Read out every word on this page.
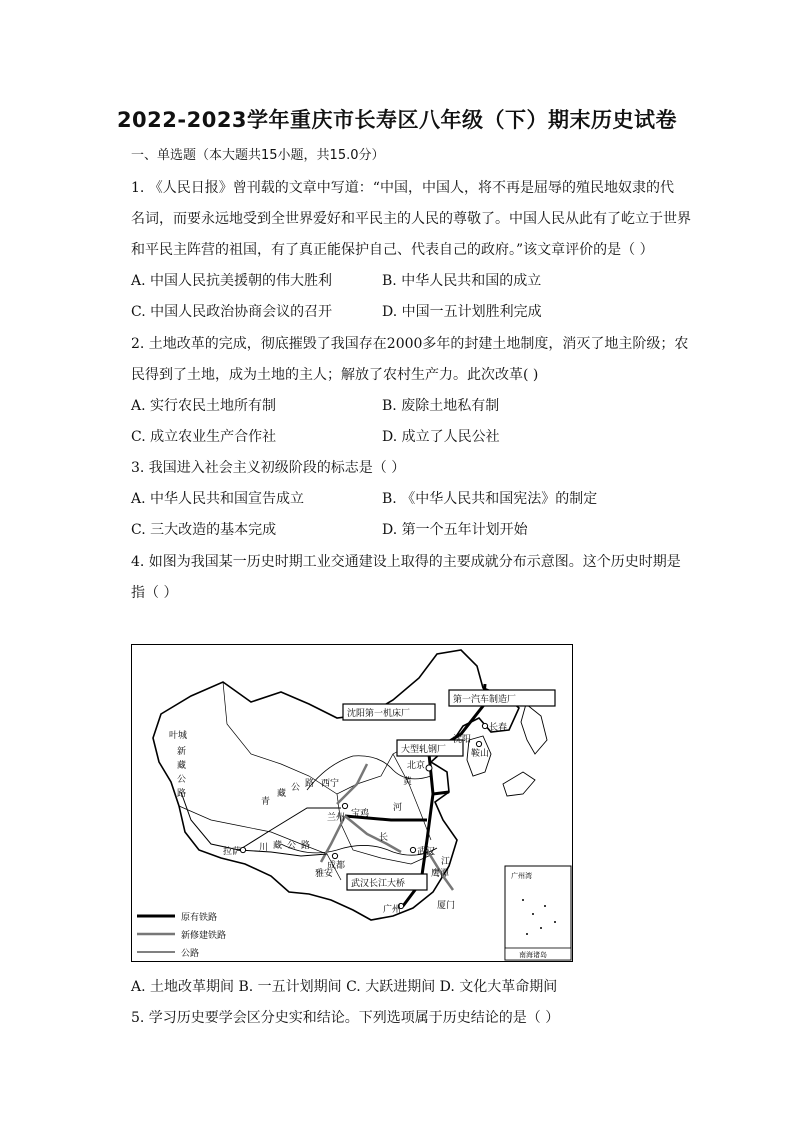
2022-2023学年重庆市长寿区八年级（下）期末历史试卷
一、单选题（本大题共15小题，共15.0分）
1. 《人民日报》曾刊载的文章中写道：“中国，中国人，将不再是屈辱的殖民地奴隶的代
名词，而要永远地受到全世界爱好和平民主的人民的尊敬了。中国人民从此有了屹立于世界
和平民主阵营的祖国，有了真正能保护自己、代表自己的政府。”该文章评价的是（ ）
A. 中国人民抗美援朝的伟大胜利	B. 中华人民共和国的成立
C. 中国人民政治协商会议的召开	D. 中国一五计划胜利完成
2. 土地改革的完成，彻底摧毁了我国存在2000多年的封建土地制度，消灭了地主阶级；农
民得到了土地，成为土地的主人；解放了农村生产力。此次改革( )
A. 实行农民土地所有制	B. 废除土地私有制
C. 成立农业生产合作社	D. 成立了人民公社
3. 我国进入社会主义初级阶段的标志是（ ）
A. 中华人民共和国宣告成立	B. 《中华人民共和国宪法》的制定
C. 三大改造的基本完成	D. 第一个五年计划开始
4. 如图为我国某一历史时期工业交通建设上取得的主要成就分布示意图。这个历史时期是
指（ ）
第一汽车制造厂
沈阳第一机床厂
大型轧钢厂
武汉长江大桥
长春
沈阳
鞍山
北京
西宁
兰州 宝鸡
成都
拉萨
雅安
武汉
广州
叶城
鹰潭
厦门
黄
河
长
江
新
藏
公
路
青
藏
公 路
川 藏 公 路
广州湾
南海诸岛
原有铁路
新修建铁路
公路
A. 土地改革期间 B. 一五计划期间 C. 大跃进期间 D. 文化大革命期间
5. 学习历史要学会区分史实和结论。下列选项属于历史结论的是（ ）
